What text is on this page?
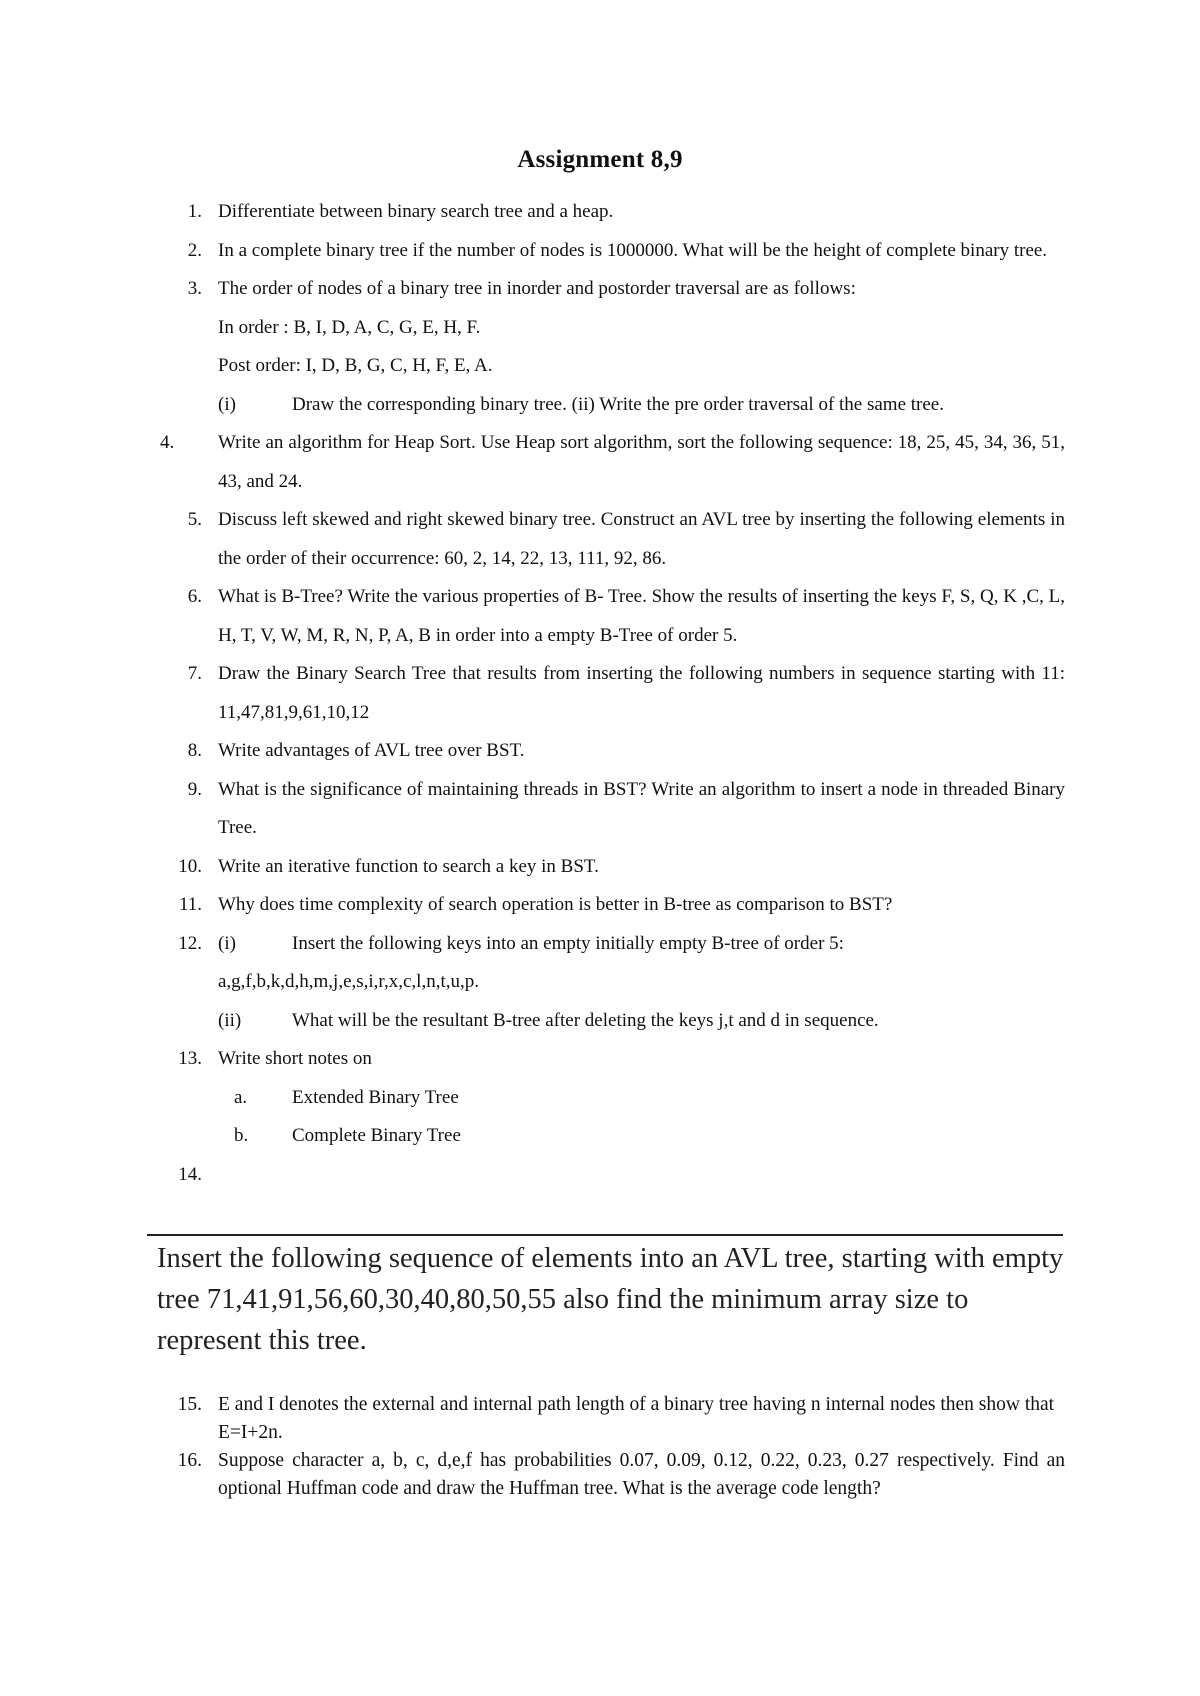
Assignment 8,9
1. Differentiate between binary search tree and a heap.
2. In a complete binary tree if the number of nodes is 1000000. What will be the height of complete binary tree.
3. The order of nodes of a binary tree in inorder and postorder traversal are as follows:
In order : B, I, D, A, C, G, E, H, F.
Post order: I, D, B, G, C, H, F, E, A.
(i)	Draw the corresponding binary tree. (ii) Write the pre order traversal of the same tree.
4.	Write an algorithm for Heap Sort. Use Heap sort algorithm, sort the following sequence: 18, 25, 45, 34, 36, 51, 43, and 24.
5. Discuss left skewed and right skewed binary tree. Construct an AVL tree by inserting the following elements in the order of their occurrence: 60, 2, 14, 22, 13, 111, 92, 86.
6. What is B-Tree? Write the various properties of B- Tree. Show the results of inserting the keys F, S, Q, K ,C, L, H, T, V, W, M, R, N, P, A, B in order into a empty B-Tree of order 5.
7. Draw the Binary Search Tree that results from inserting the following numbers in sequence starting with 11: 11,47,81,9,61,10,12
8. Write advantages of AVL tree over BST.
9. What is the significance of maintaining threads in BST? Write an algorithm to insert a node in threaded Binary Tree.
10. Write an iterative function to search a key in BST.
11. Why does time complexity of search operation is better in B-tree as comparison to BST?
12. (i)	Insert the following keys into an empty initially empty B-tree of order 5:
a,g,f,b,k,d,h,m,j,e,s,i,r,x,c,l,n,t,u,p.
(ii)	What will be the resultant B-tree after deleting the keys j,t and d in sequence.
13. Write short notes on
a. Extended Binary Tree
b. Complete Binary Tree
14.
Insert the following sequence of elements into an AVL tree, starting with empty tree 71,41,91,56,60,30,40,80,50,55 also find the minimum array size to represent this tree.
15. E and I denotes the external and internal path length of a binary tree having n internal nodes then show that E=I+2n.
16. Suppose character a, b, c, d,e,f has probabilities 0.07, 0.09, 0.12, 0.22, 0.23, 0.27 respectively. Find an optional Huffman code and draw the Huffman tree. What is the average code length?
